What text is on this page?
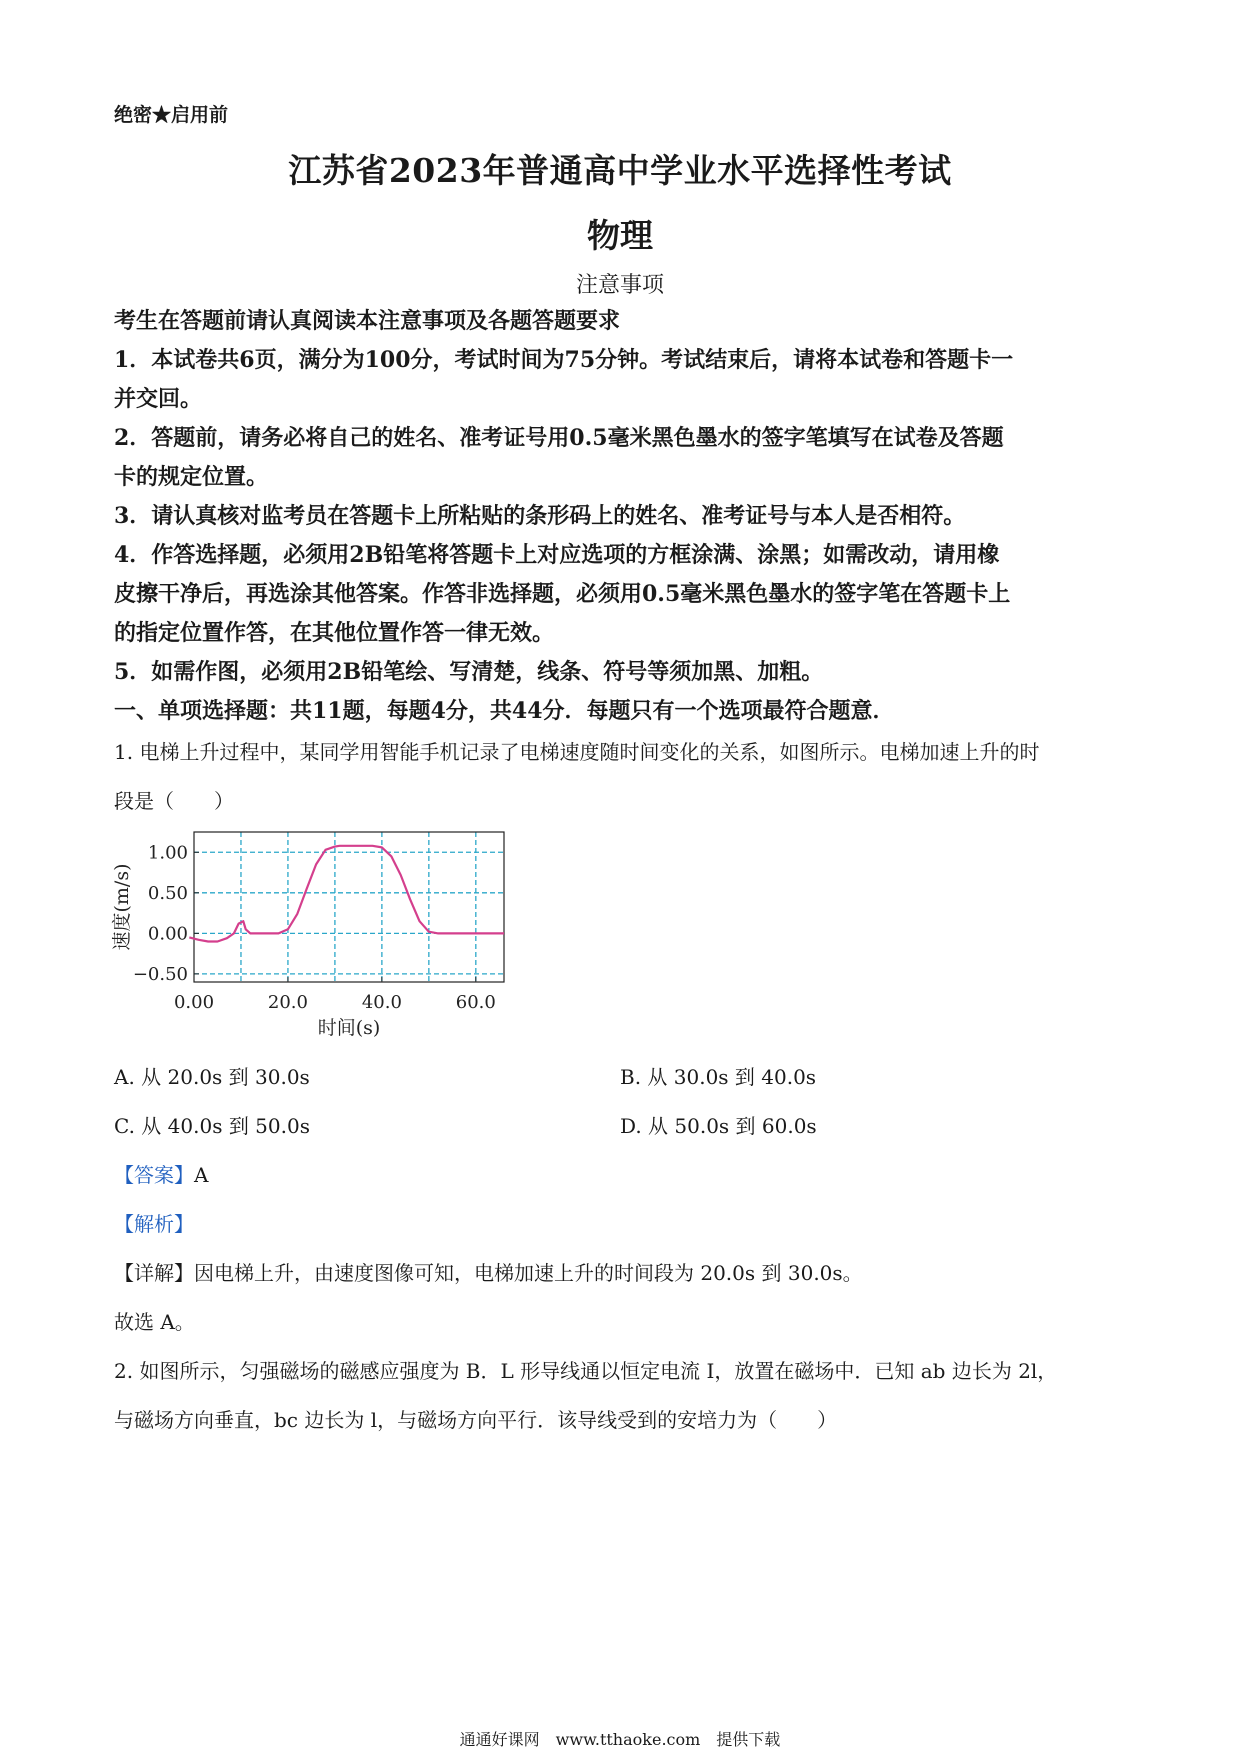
绝密★启用前
江苏省2023年普通高中学业水平选择性考试
物理
注意事项
考生在答题前请认真阅读本注意事项及各题答题要求
1．本试卷共6页，满分为100分，考试时间为75分钟。考试结束后，请将本试卷和答题卡一
并交回。
2．答题前，请务必将自己的姓名、准考证号用0.5毫米黑色墨水的签字笔填写在试卷及答题
卡的规定位置。
3．请认真核对监考员在答题卡上所粘贴的条形码上的姓名、准考证号与本人是否相符。
4．作答选择题，必须用2B铅笔将答题卡上对应选项的方框涂满、涂黑；如需改动，请用橡
皮擦干净后，再选涂其他答案。作答非选择题，必须用0.5毫米黑色墨水的签字笔在答题卡上
的指定位置作答，在其他位置作答一律无效。
5．如需作图，必须用2B铅笔绘、写清楚，线条、符号等须加黑、加粗。
一、单项选择题：共11题，每题4分，共44分．每题只有一个选项最符合题意．
1. 电梯上升过程中，某同学用智能手机记录了电梯速度随时间变化的关系，如图所示。电梯加速上升的时
段是（　　）
−0.50
0.00
0.50
1.00
0.00	20.0	40.0	60.0
时间(s)
速度(m/s)
A. 从 20.0s 到 30.0s	B. 从 30.0s 到 40.0s
C. 从 40.0s 到 50.0s	D. 从 50.0s 到 60.0s
【答案】A
【解析】
【详解】因电梯上升，由速度图像可知，电梯加速上升的时间段为 20.0s 到 30.0s。
故选 A。
2. 如图所示，匀强磁场的磁感应强度为 B．L 形导线通以恒定电流 I，放置在磁场中．已知 ab 边长为 2l，
与磁场方向垂直，bc 边长为 l，与磁场方向平行．该导线受到的安培力为（　　）
通通好课网　www.tthaoke.com　提供下载
